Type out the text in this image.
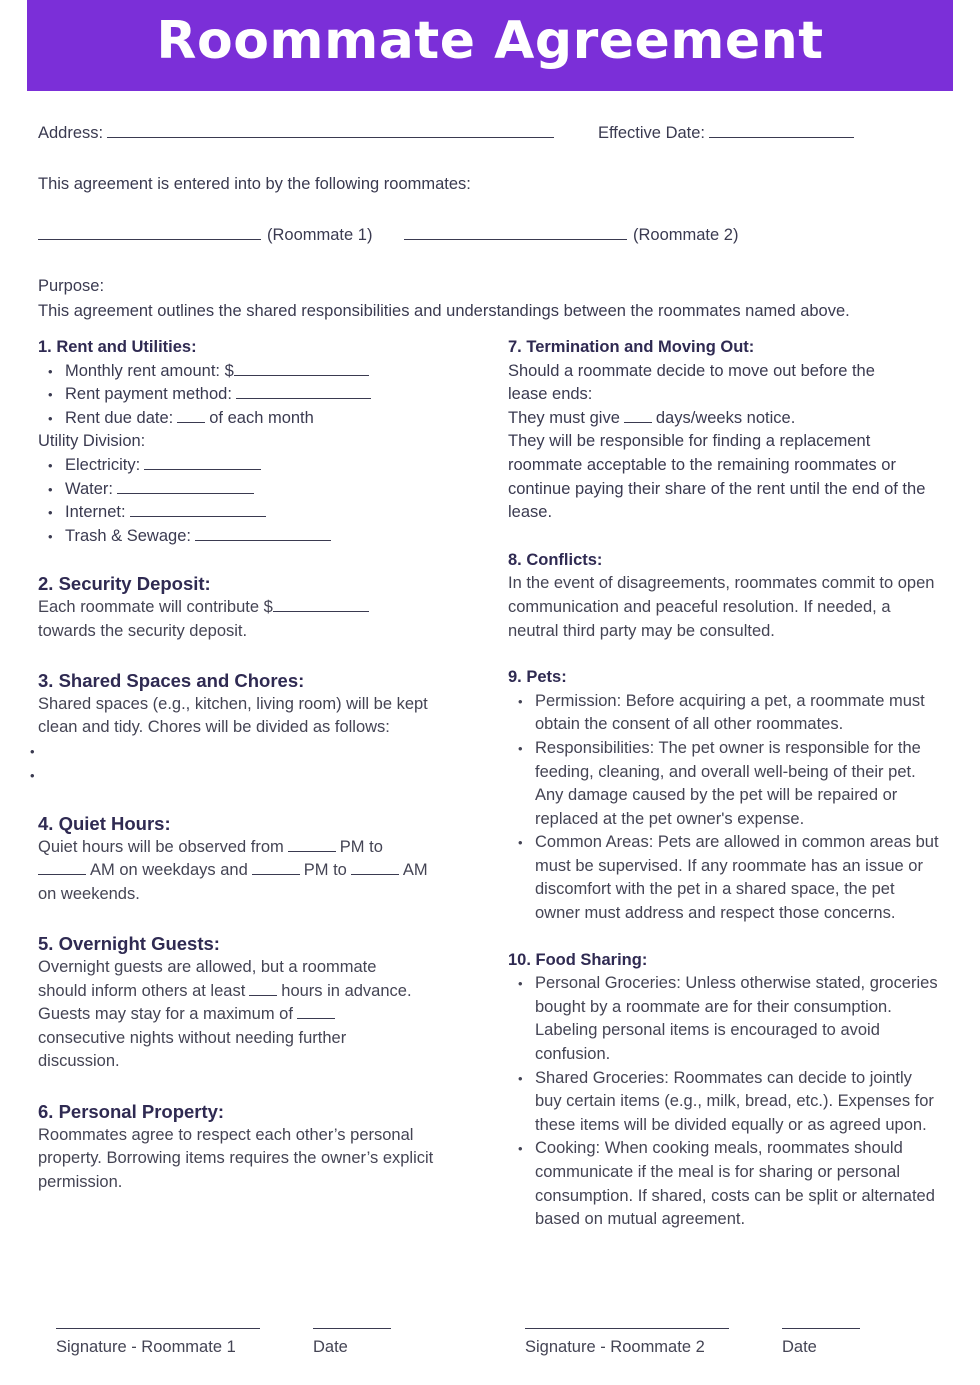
Roommate Agreement
Address:	Effective Date:
This agreement is entered into by the following roommates:
(Roommate 1)	(Roommate 2)
Purpose:
This agreement outlines the shared responsibilities and understandings between the roommates named above.

1. Rent and Utilities:

• Monthly rent amount: $
• Rent payment method:
• Rent due date: of each month

Utility Division:

• Electricity:
• Water:
• Internet:
• Trash & Sewage:

2. Security Deposit:

Each roommate will contribute $

towards the security deposit.

3. Shared Spaces and Chores:

Shared spaces (e.g., kitchen, living room) will be kept clean and tidy. Chores will be divided as follows:

•
•

4. Quiet Hours:

Quiet hours will be observed from	PM to

AM on weekdays and	PM to	AM

on weekends.

5. Overnight Guests:

Overnight guests are allowed, but a roommate

should inform others at least hours in advance.

Guests may stay for a maximum of

consecutive nights without needing further

discussion.

6. Personal Property:

Roommates agree to respect each other’s personal property. Borrowing items requires the owner’s explicit permission.

7. Termination and Moving Out:

Should a roommate decide to move out before the lease ends:

They must give days/weeks notice.

They will be responsible for finding a replacement roommate acceptable to the remaining roommates or continue paying their share of the rent until the end of the lease.

8. Conflicts:

In the event of disagreements, roommates commit to open communication and peaceful resolution. If needed, a neutral third party may be consulted.

9. Pets:

• Permission: Before acquiring a pet, a roommate must obtain the consent of all other roommates.
• Responsibilities: The pet owner is responsible for the feeding, cleaning, and overall well-being of their pet. Any damage caused by the pet will be repaired or replaced at the pet owner's expense.
• Common Areas: Pets are allowed in common areas but must be supervised. If any roommate has an issue or discomfort with the pet in a shared space, the pet owner must address and respect those concerns.

10. Food Sharing:

• Personal Groceries: Unless otherwise stated, groceries bought by a roommate are for their consumption. Labeling personal items is encouraged to avoid confusion.
• Shared Groceries: Roommates can decide to jointly buy certain items (e.g., milk, bread, etc.). Expenses for these items will be divided equally or as agreed upon.
• Cooking: When cooking meals, roommates should communicate if the meal is for sharing or personal consumption. If shared, costs can be split or alternated based on mutual agreement.
Signature - Roommate 1	Date	Signature - Roommate 2	Date
